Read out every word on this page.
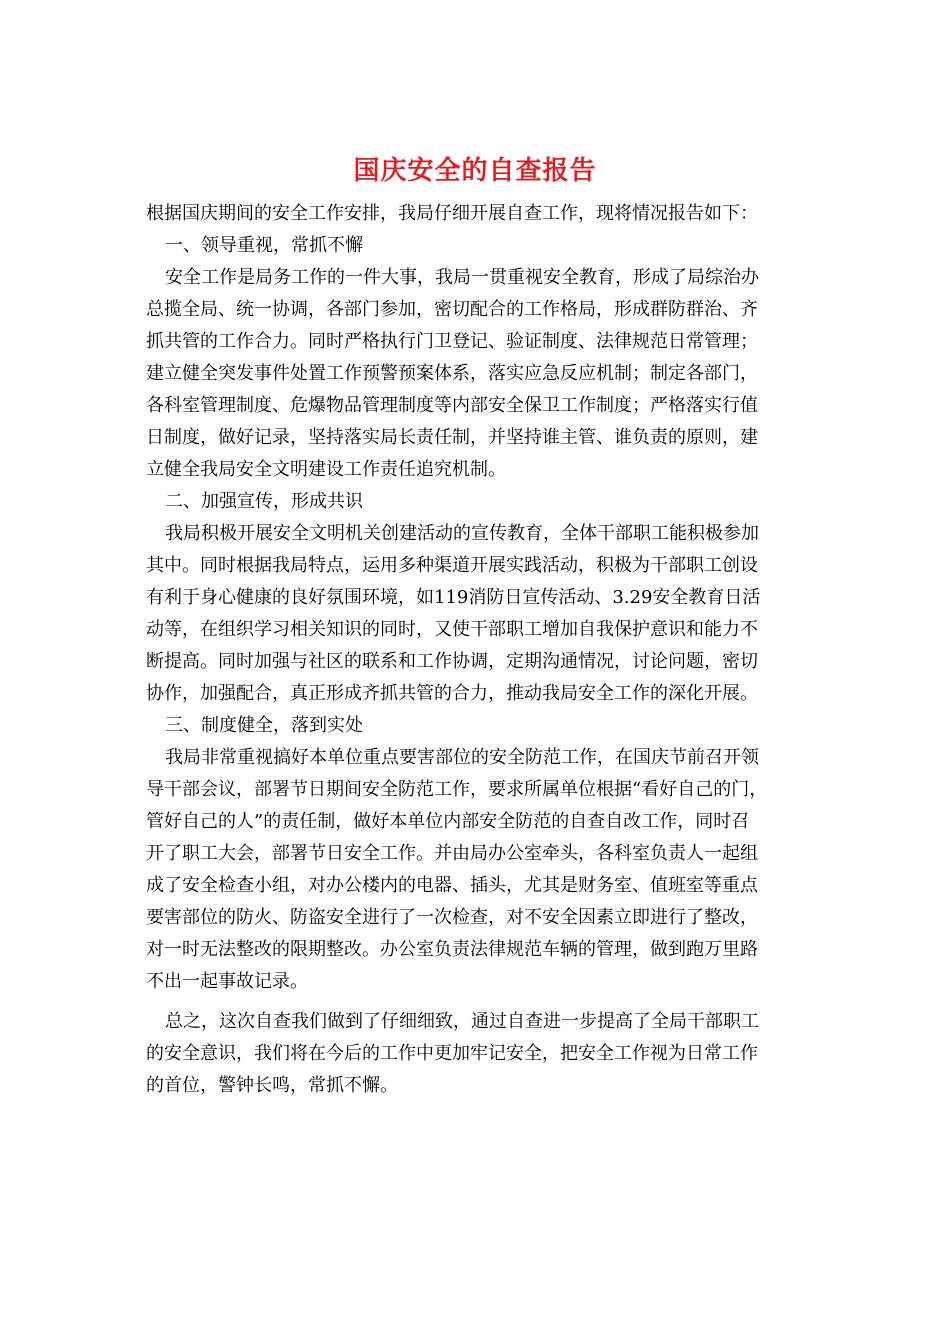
国庆安全的自查报告
根据国庆期间的安全工作安排，我局仔细开展自查工作，现将情况报告如下：
一、领导重视，常抓不懈
安全工作是局务工作的一件大事，我局一贯重视安全教育，形成了局综治办
总揽全局、统一协调，各部门参加，密切配合的工作格局，形成群防群治、齐
抓共管的工作合力。同时严格执行门卫登记、验证制度、法律规范日常管理；
建立健全突发事件处置工作预警预案体系，落实应急反应机制；制定各部门，
各科室管理制度、危爆物品管理制度等内部安全保卫工作制度；严格落实行值
日制度，做好记录，坚持落实局长责任制，并坚持谁主管、谁负责的原则，建
立健全我局安全文明建设工作责任追究机制。
二、加强宣传，形成共识
我局积极开展安全文明机关创建活动的宣传教育，全体干部职工能积极参加
其中。同时根据我局特点，运用多种渠道开展实践活动，积极为干部职工创设
有利于身心健康的良好氛围环境，如119消防日宣传活动、3.29安全教育日活
动等，在组织学习相关知识的同时，又使干部职工增加自我保护意识和能力不
断提高。同时加强与社区的联系和工作协调，定期沟通情况，讨论问题，密切
协作，加强配合，真正形成齐抓共管的合力，推动我局安全工作的深化开展。
三、制度健全，落到实处
我局非常重视搞好本单位重点要害部位的安全防范工作，在国庆节前召开领
导干部会议，部署节日期间安全防范工作，要求所属单位根据“看好自己的门，
管好自己的人”的责任制，做好本单位内部安全防范的自查自改工作，同时召
开了职工大会，部署节日安全工作。并由局办公室牵头，各科室负责人一起组
成了安全检查小组，对办公楼内的电器、插头，尤其是财务室、值班室等重点
要害部位的防火、防盗安全进行了一次检查，对不安全因素立即进行了整改，
对一时无法整改的限期整改。办公室负责法律规范车辆的管理，做到跑万里路
不出一起事故记录。
总之，这次自查我们做到了仔细细致，通过自查进一步提高了全局干部职工
的安全意识，我们将在今后的工作中更加牢记安全，把安全工作视为日常工作
的首位，警钟长鸣，常抓不懈。
